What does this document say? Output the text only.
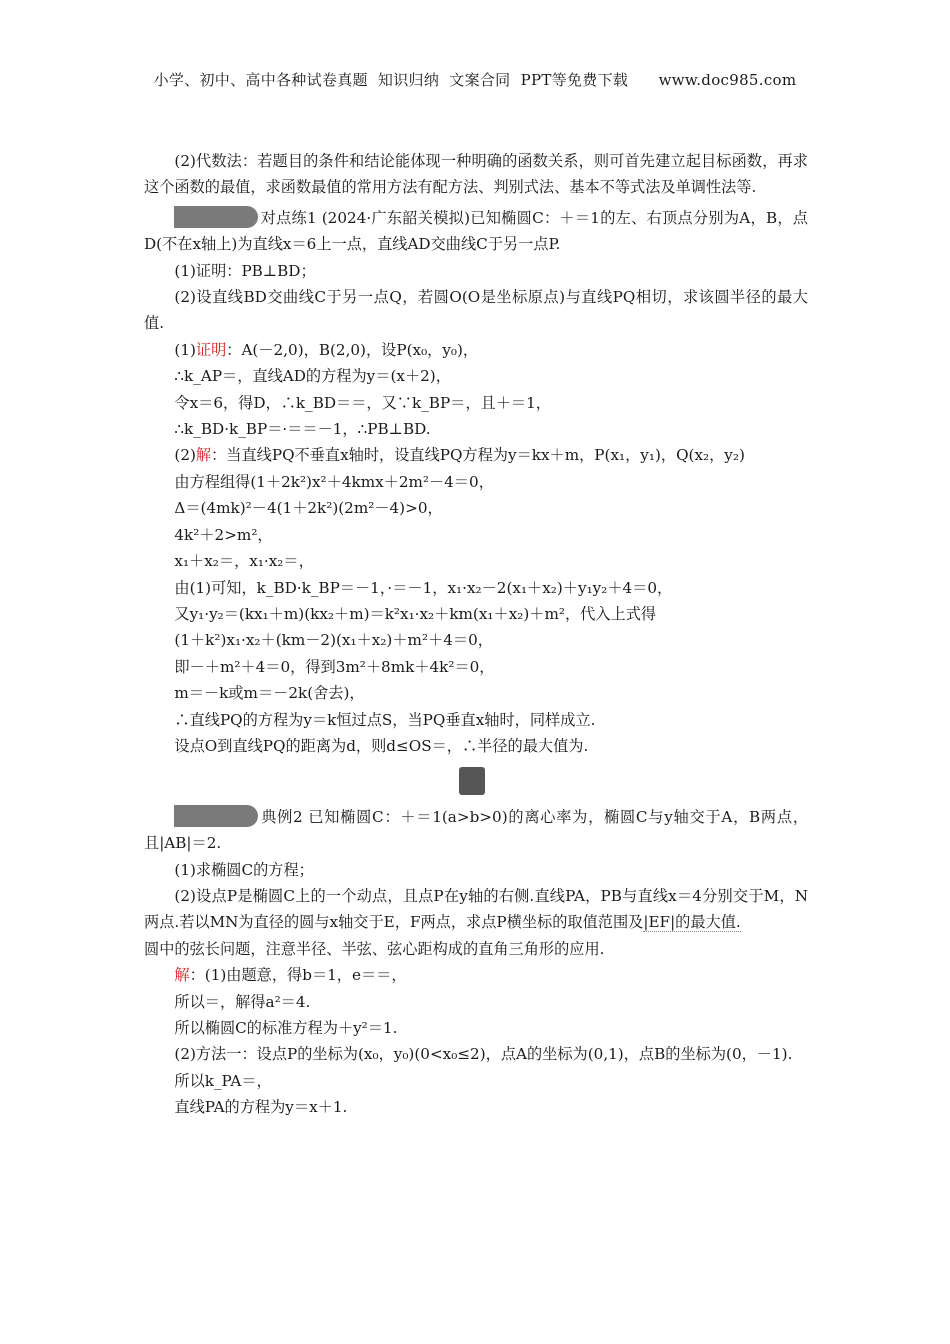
小学、初中、高中各种试卷真题  知识归纳  文案合同  PPT等免费下载      www.doc985.com

(2)代数法：若题目的条件和结论能体现一种明确的函数关系，则可首先建立起目标函数，再求这个函数的最值，求函数最值的常用方法有配方法、判别式法、基本不等式法及单调性法等.

对点练1 (2024·广东韶关模拟)已知椭圆C：＋＝1的左、右顶点分别为A，B，点D(不在x轴上)为直线x＝6上一点，直线AD交曲线C于另一点P.

(1)证明：PB⊥BD；

(2)设直线BD交曲线C于另一点Q，若圆O(O是坐标原点)与直线PQ相切，求该圆半径的最大值.

(1)证明：A(－2,0)，B(2,0)，设P(x₀，y₀)，

∴k_AP＝，直线AD的方程为y＝(x＋2)，

令x＝6，得D，∴k_BD＝＝，又∵k_BP＝，且＋＝1，

∴k_BD·k_BP＝·＝＝－1，∴PB⊥BD.

(2)解：当直线PQ不垂直x轴时，设直线PQ方程为y＝kx＋m，P(x₁，y₁)，Q(x₂，y₂)

由方程组得(1＋2k²)x²＋4kmx＋2m²－4＝0，

Δ＝(4mk)²－4(1＋2k²)(2m²－4)>0，

4k²＋2>m²，

x₁＋x₂＝，x₁·x₂＝，

由(1)可知，k_BD·k_BP＝－1，·＝－1，x₁·x₂－2(x₁＋x₂)＋y₁y₂＋4＝0，

又y₁·y₂＝(kx₁＋m)(kx₂＋m)＝k²x₁·x₂＋km(x₁＋x₂)＋m²，代入上式得

(1＋k²)x₁·x₂＋(km－2)(x₁＋x₂)＋m²＋4＝0，

即－＋m²＋4＝0，得到3m²＋8mk＋4k²＝0，

m＝－k或m＝－2k(舍去)，

∴直线PQ的方程为y＝k恒过点S，当PQ垂直x轴时，同样成立.

设点O到直线PQ的距离为d，则d≤OS＝，∴半径的最大值为.

典例2 已知椭圆C：＋＝1(a>b>0)的离心率为，椭圆C与y轴交于A，B两点，且|AB|＝2.

(1)求椭圆C的方程；

(2)设点P是椭圆C上的一个动点，且点P在y轴的右侧.直线PA，PB与直线x＝4分别交于M，N两点.若以MN为直径的圆与x轴交于E，F两点，求点P横坐标的取值范围及|EF|的最大值.

圆中的弦长问题，注意半径、半弦、弦心距构成的直角三角形的应用.

解：(1)由题意，得b＝1，e＝＝，

所以＝，解得a²＝4.

所以椭圆C的标准方程为＋y²＝1.

(2)方法一：设点P的坐标为(x₀，y₀)(0<x₀≤2)，点A的坐标为(0,1)，点B的坐标为(0，－1).

所以k_PA＝，

直线PA的方程为y＝x＋1.
